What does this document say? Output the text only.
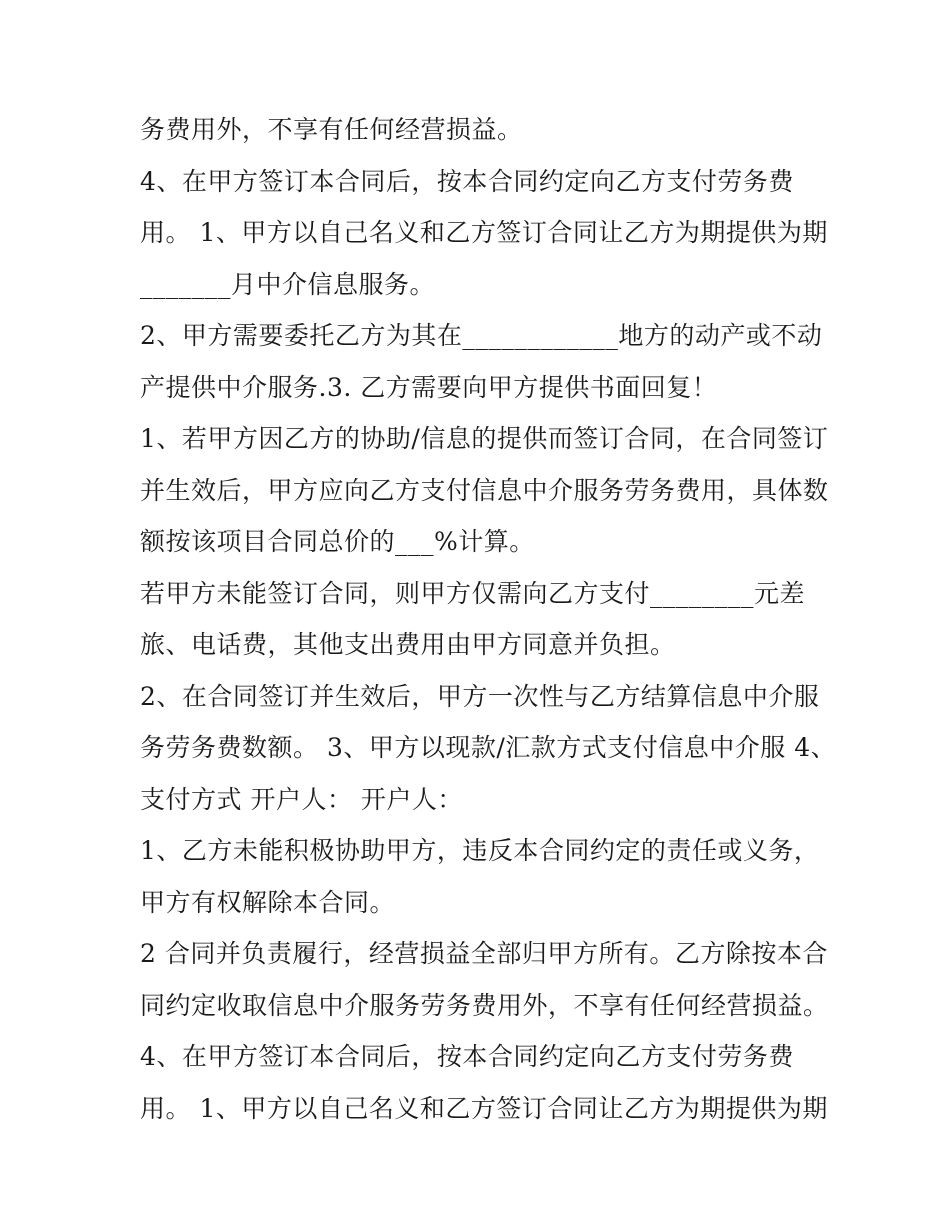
务费用外，不享有任何经营损益。
4、在甲方签订本合同后，按本合同约定向乙方支付劳务费
用。 1、甲方以自己名义和乙方签订合同让乙方为期提供为期
_______月中介信息服务。
2、甲方需要委托乙方为其在____________地方的动产或不动
产提供中介服务.3. 乙方需要向甲方提供书面回复！
1、若甲方因乙方的协助/信息的提供而签订合同，在合同签订
并生效后，甲方应向乙方支付信息中介服务劳务费用，具体数
额按该项目合同总价的___%计算。
若甲方未能签订合同，则甲方仅需向乙方支付________元差
旅、电话费，其他支出费用由甲方同意并负担。
2、在合同签订并生效后，甲方一次性与乙方结算信息中介服
务劳务费数额。 3、甲方以现款/汇款方式支付信息中介服 4、
支付方式 开户人： 开户人：
1、乙方未能积极协助甲方，违反本合同约定的责任或义务，
甲方有权解除本合同。
2 合同并负责履行，经营损益全部归甲方所有。乙方除按本合
同约定收取信息中介服务劳务费用外，不享有任何经营损益。
4、在甲方签订本合同后，按本合同约定向乙方支付劳务费
用。 1、甲方以自己名义和乙方签订合同让乙方为期提供为期
